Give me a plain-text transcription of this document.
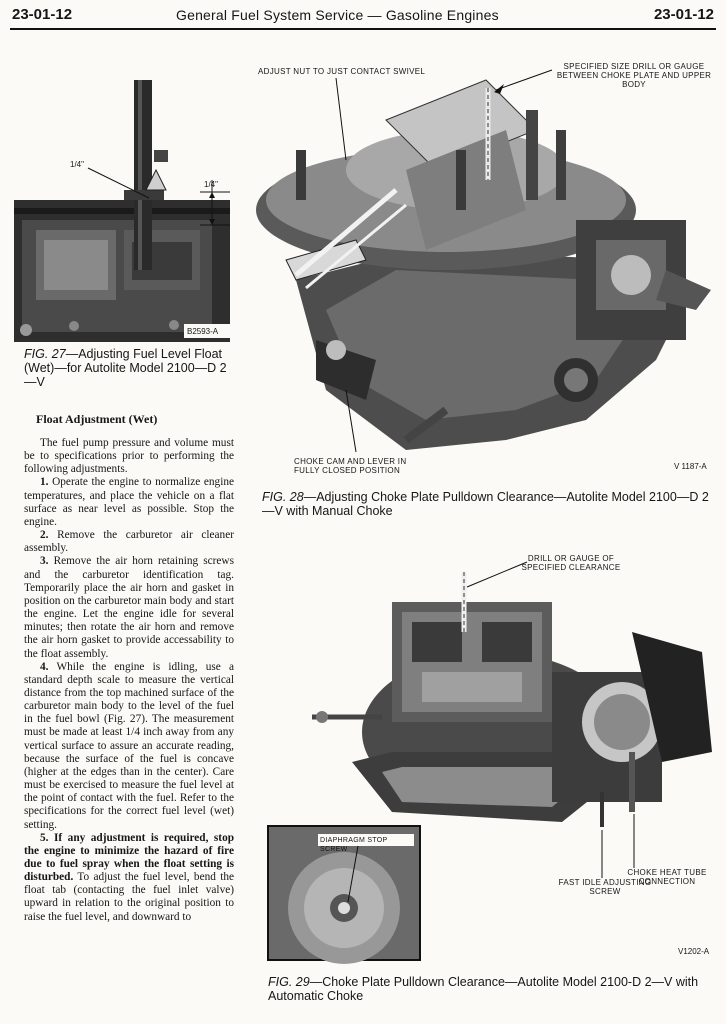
23-01-12	General Fuel System Service — Gasoline Engines	23-01-12
1/4"
1/4"
B2593-A
FIG. 27—Adjusting Fuel Level Float (Wet)—for Autolite Model 2100—D 2—V
ADJUST NUT TO JUST CONTACT SWIVEL
SPECIFIED SIZE DRILL OR GAUGE BETWEEN CHOKE PLATE AND UPPER BODY
CHOKE CAM AND LEVER IN FULLY CLOSED POSITION	V 1187-A
FIG. 28—Adjusting Choke Plate Pulldown Clearance—Autolite Model 2100—D 2—V with Manual Choke
DRILL OR GAUGE OF SPECIFIED CLEARANCE
DIAPHRAGM STOP SCREW
CHOKE HEAT TUBE CONNECTION
FAST IDLE ADJUSTING SCREW
V1202-A
FIG. 29—Choke Plate Pulldown Clearance—Autolite Model 2100-D 2—V with Automatic Choke
Float Adjustment (Wet)

The fuel pump pressure and volume must be to specifications prior to performing the following adjustments.

1. Operate the engine to normalize engine temperatures, and place the vehicle on a flat surface as near level as possible. Stop the engine.

2. Remove the carburetor air cleaner assembly.

3. Remove the air horn retaining screws and the carburetor identification tag. Temporarily place the air horn and gasket in position on the carburetor main body and start the engine. Let the engine idle for several minutes; then rotate the air horn and remove the air horn gasket to provide accessability to the float assembly.

4. While the engine is idling, use a standard depth scale to measure the vertical distance from the top machined surface of the carburetor main body to the level of the fuel in the fuel bowl (Fig. 27). The measurement must be made at least 1/4 inch away from any vertical surface to assure an accurate reading, because the surface of the fuel is concave (higher at the edges than in the center). Care must be exercised to measure the fuel level at the point of contact with the fuel. Refer to the specifications for the correct fuel level (wet) setting.

5. If any adjustment is required, stop the engine to minimize the hazard of fire due to fuel spray when the float setting is disturbed. To adjust the fuel level, bend the float tab (contacting the fuel inlet valve) upward in relation to the original position to raise the fuel level, and downward to
